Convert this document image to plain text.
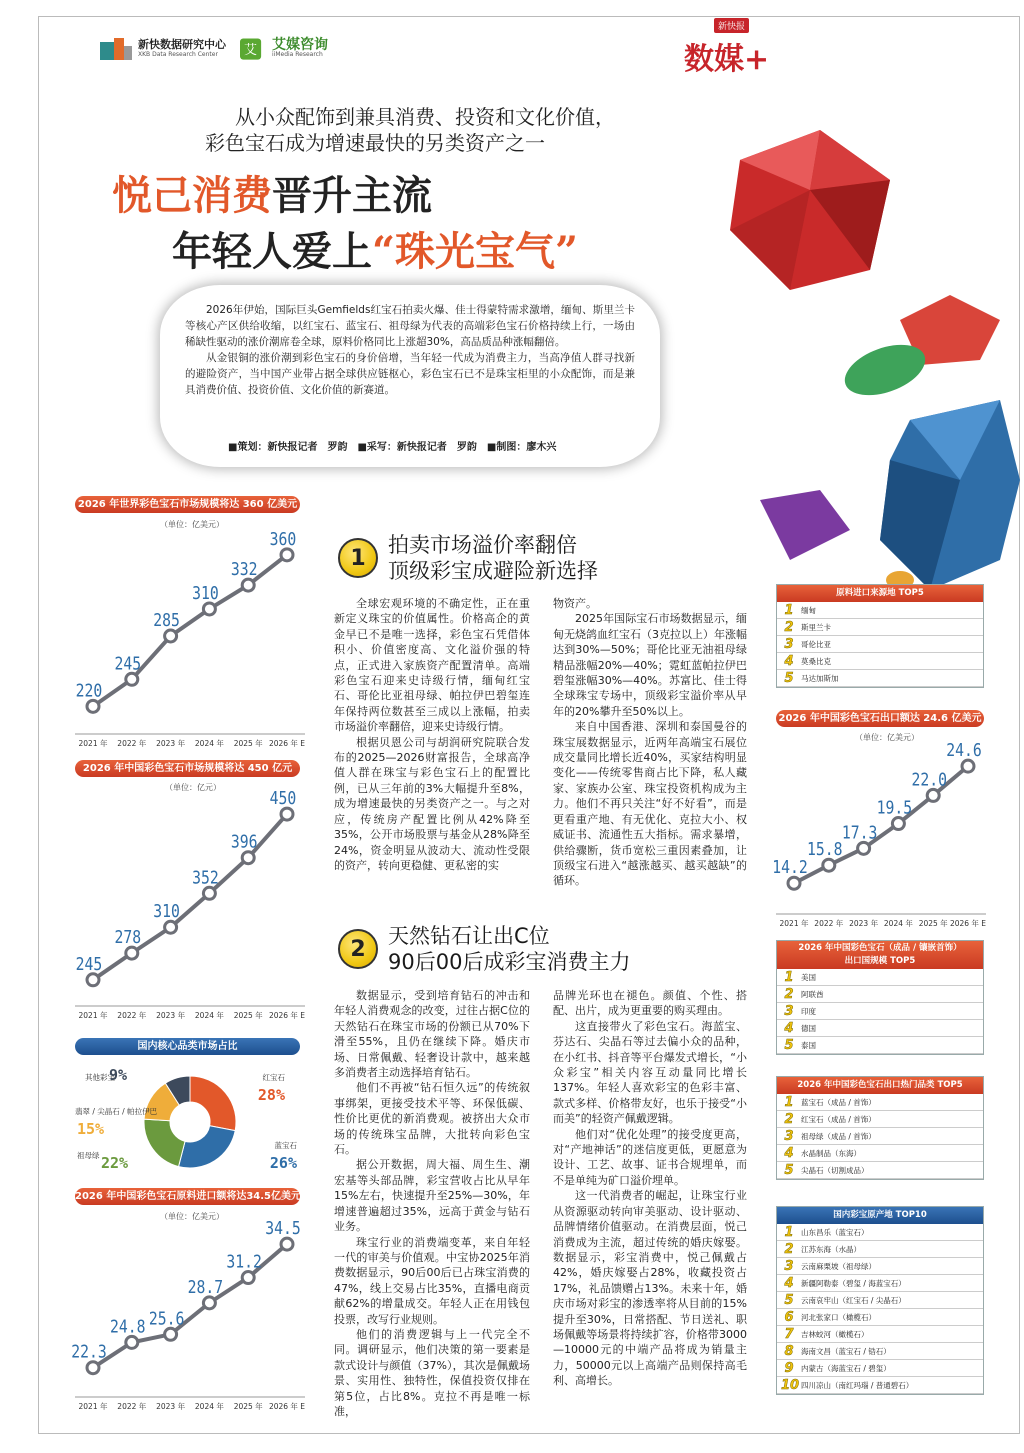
新快数据研究中心
XKB Data Research Center	艾 艾媒咨询
iiMedia Research
新快报
数媒+
从小众配饰到兼具消费、投资和文化价值，
彩色宝石成为增速最快的另类资产之一
悦己消费晋升主流
年轻人爱上“珠光宝气”

2026年伊始，国际巨头Gemfields红宝石拍卖火爆、佳士得蒙特需求激增，缅甸、斯里兰卡等核心产区供给收缩，以红宝石、蓝宝石、祖母绿为代表的高端彩色宝石价格持续上行，一场由稀缺性驱动的涨价潮席卷全球，原料价格同比上涨超30%，高品质品种涨幅翻倍。

从金银铜的涨价潮到彩色宝石的身价倍增，当年轻一代成为消费主力，当高净值人群寻找新的避险资产，当中国产业带占据全球供应链枢心，彩色宝石已不是珠宝柜里的小众配饰，而是兼具消费价值、投资价值、文化价值的新赛道。

■策划：新快报记者　罗韵　■采写：新快报记者　罗韵　■制图：廖木兴
2026 年世界彩色宝石市场规模将达 360 亿美元
（单位：亿美元）
220
2021 年
245
2022 年
285
2023 年
310
2024 年
332
2025 年
360
2026 年 E
2026 年中国彩色宝石市场规模将达 450 亿元
（单位：亿元）
245
2021 年
278
2022 年
310
2023 年
352
2024 年
396
2025 年
450
2026 年 E
国内核心品类市场占比
红宝石
28%
蓝宝石
26%
祖母绿 22%
翡翠 / 尖晶石 / 帕拉伊巴
15%
其他彩宝
9%
2026 年中国彩色宝石原料进口额将达34.5亿美元
（单位：亿美元）
22.3
2021 年
24.8
2022 年
25.6
2023 年
28.7
2024 年
31.2
2025 年
34.5
2026 年 E
1
拍卖市场溢价率翻倍
顶级彩宝成避险新选择

全球宏观环境的不确定性，正在重新定义珠宝的价值属性。价格高企的黄金早已不是唯一选择，彩色宝石凭借体积小、价值密度高、文化溢价强的特点，正式进入家族资产配置清单。高端彩色宝石迎来史诗级行情，缅甸红宝石、哥伦比亚祖母绿、帕拉伊巴碧玺连年保持两位数甚至三成以上涨幅，拍卖市场溢价率翻倍，迎来史诗级行情。

根据贝恩公司与胡润研究院联合发布的2025—2026财富报告，全球高净值人群在珠宝与彩色宝石上的配置比例，已从三年前的3%大幅提升至8%，成为增速最快的另类资产之一。与之对应，传统房产配置比例从42%降至35%，公开市场股票与基金从28%降至24%，资金明显从波动大、流动性受限的资产，转向更稳健、更私密的实

物资产。

2025年国际宝石市场数据显示，缅甸无烧鸽血红宝石（3克拉以上）年涨幅达到30%—50%；哥伦比亚无油祖母绿精品涨幅20%—40%；霓虹蓝帕拉伊巴碧玺涨幅30%—40%。苏富比、佳士得全球珠宝专场中，顶级彩宝溢价率从早年的20%攀升至50%以上。

来自中国香港、深圳和泰国曼谷的珠宝展数据显示，近两年高端宝石展位成交量同比增长近40%，买家结构明显变化——传统零售商占比下降，私人藏家、家族办公室、珠宝投资机构成为主力。他们不再只关注“好不好看”，而是更看重产地、有无优化、克拉大小、权威证书、流通性五大指标。需求暴增，供给骤断，货币宽松三重因素叠加，让顶级宝石进入“越涨越买、越买越缺”的循环。

2
天然钻石让出C位
90后00后成彩宝消费主力

数据显示，受到培育钻石的冲击和年轻人消费观念的改变，过往占据C位的天然钻石在珠宝市场的份额已从70%下滑至55%，且仍在继续下降。婚庆市场、日常佩戴、轻奢设计款中，越来越多消费者主动选择培育钻石。

他们不再被“钻石恒久远”的传统叙事绑架，更接受技术平等、环保低碳、性价比更优的新消费观。被挤出大众市场的传统珠宝品牌，大批转向彩色宝石。

据公开数据，周大福、周生生、潮宏基等头部品牌，彩宝营收占比从早年15%左右，快速提升至25%—30%，年增速普遍超过35%，远高于黄金与钻石业务。

珠宝行业的消费端变革，来自年轻一代的审美与价值观。中宝协2025年消费数据显示，90后00后已占珠宝消费的47%，线上交易占比35%，直播电商贡献62%的增量成交。年轻人正在用钱包投票，改写行业规则。

他们的消费逻辑与上一代完全不同。调研显示，他们决策的第一要素是款式设计与颜值（37%），其次是佩戴场景、实用性、独特性，保值投资仅排在第5位，占比8%。克拉不再是唯一标准，

品牌光环也在褪色。颜值、个性、搭配、出片，成为更重要的购买理由。

这直接带火了彩色宝石。海蓝宝、芬达石、尖晶石等过去偏小众的品种，在小红书、抖音等平台爆发式增长，“小众彩宝”相关内容互动量同比增长137%。年轻人喜欢彩宝的色彩丰富、款式多样、价格带友好，也乐于接受“小而美”的轻资产佩戴逻辑。

他们对“优化处理”的接受度更高，对“产地神话”的迷信度更低，更愿意为设计、工艺、故事、证书合规埋单，而不是单纯为矿口溢价埋单。

这一代消费者的崛起，让珠宝行业从资源驱动转向审美驱动、设计驱动、品牌情绪价值驱动。在消费层面，悦己消费成为主流，超过传统的婚庆嫁娶。数据显示，彩宝消费中，悦己佩戴占42%，婚庆嫁娶占28%，收藏投资占17%，礼品馈赠占13%。未来十年，婚庆市场对彩宝的渗透率将从目前的15%提升至30%，日常搭配、节日送礼、职场佩戴等场景将持续扩容，价格带3000—10000元的中端产品将成为销量主力，50000元以上高端产品则保持高毛利、高增长。

原料进口来源地 TOP5
1 缅甸
2 斯里兰卡
3 哥伦比亚
4 莫桑比克
5 马达加斯加
2026 年中国彩色宝石出口额达 24.6 亿美元
（单位：亿美元）
14.2
2021 年
15.8
2022 年
17.3
2023 年
19.5
2024 年
22.0
2025 年
24.6
2026 年 E
2026 年中国彩色宝石（成品 / 镶嵌首饰）
出口国规模 TOP5
1 美国
2 阿联酋
3 印度
4 德国
5 泰国
2026 年中国彩色宝石出口热门品类 TOP5
1 蓝宝石（成品 / 首饰）
2 红宝石（成品 / 首饰）
3 祖母绿（成品 / 首饰）
4 水晶制品（东海）
5 尖晶石（切割成品）
国内彩宝原产地 TOP10
1 山东昌乐（蓝宝石）
2 江苏东海（水晶）
3 云南麻栗坡（祖母绿）
4 新疆阿勒泰（碧玺 / 海蓝宝石）
5 云南哀牢山（红宝石 / 尖晶石）
6 河北张家口（橄榄石）
7 吉林蛟河（橄榄石）
8 海南文昌（蓝宝石 / 锆石）
9 内蒙古（海蓝宝石 / 碧玺）
10 四川凉山（南红玛瑙 / 普通碧石）
